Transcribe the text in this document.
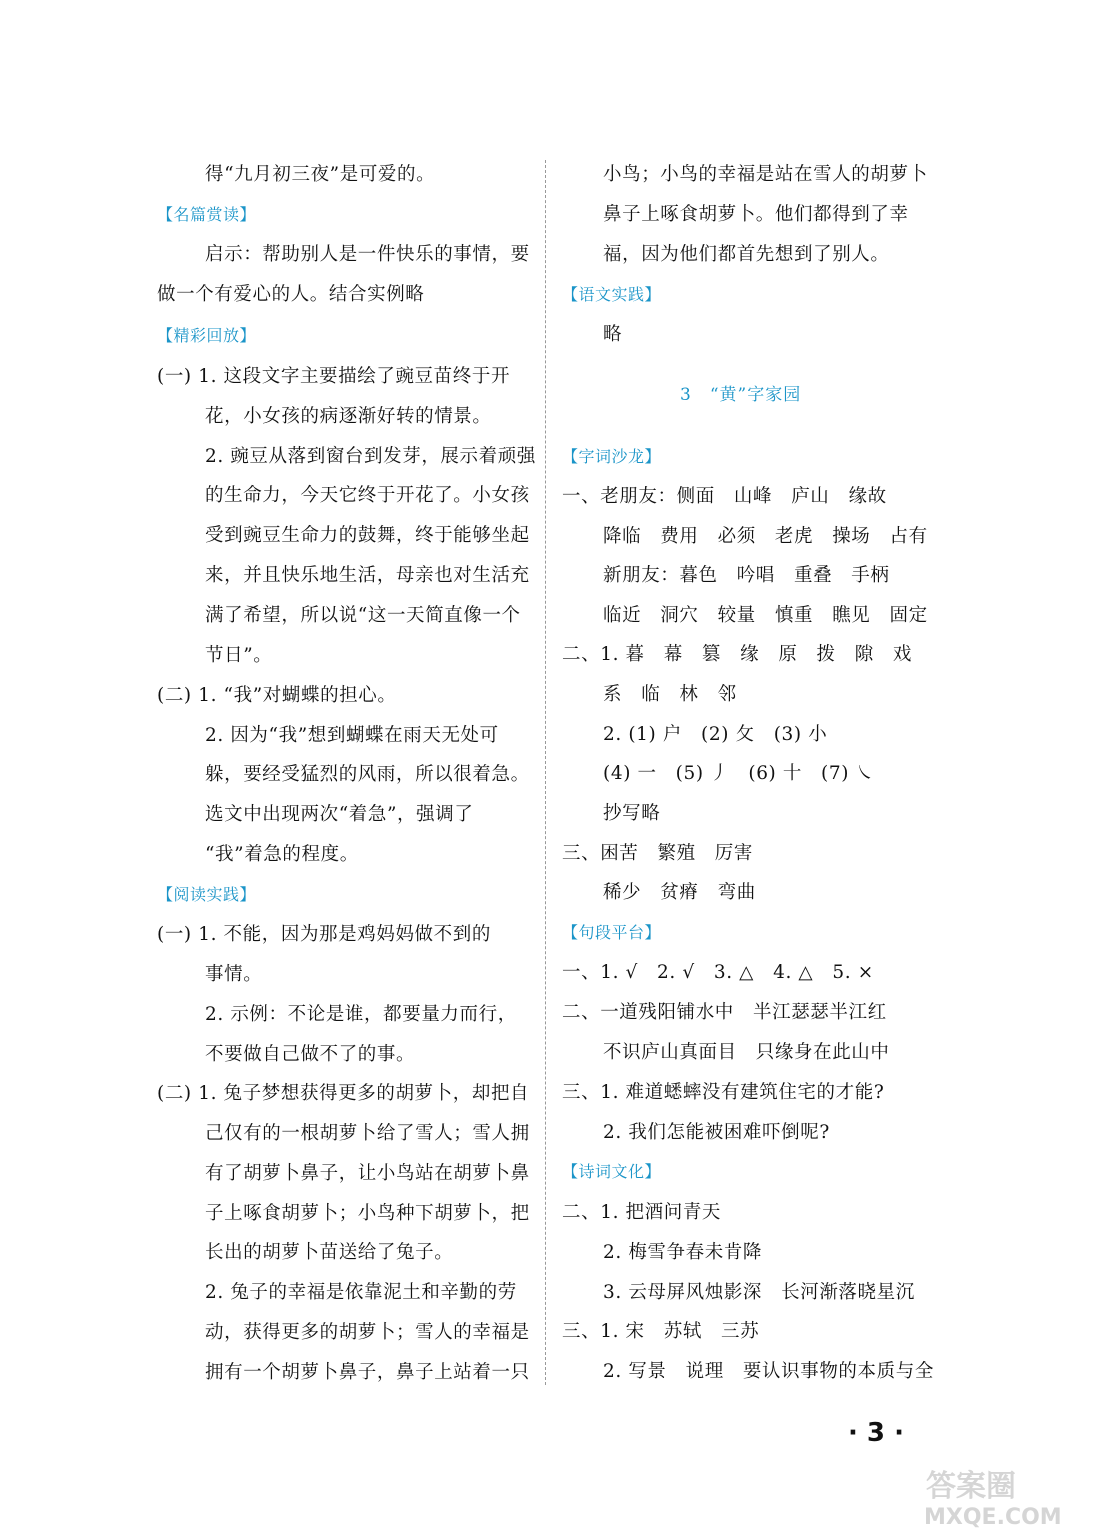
得“九月初三夜”是可爱的。
【名篇赏读】
启示：帮助别人是一件快乐的事情，要
做一个有爱心的人。结合实例略
【精彩回放】
(一) 1. 这段文字主要描绘了豌豆苗终于开
花，小女孩的病逐渐好转的情景。
2. 豌豆从落到窗台到发芽，展示着顽强
的生命力，今天它终于开花了。小女孩
受到豌豆生命力的鼓舞，终于能够坐起
来，并且快乐地生活，母亲也对生活充
满了希望，所以说“这一天简直像一个
节日”。
(二) 1. “我”对蝴蝶的担心。
2. 因为“我”想到蝴蝶在雨天无处可
躲，要经受猛烈的风雨，所以很着急。
选文中出现两次“着急”，强调了
“我”着急的程度。
【阅读实践】
(一) 1. 不能，因为那是鸡妈妈做不到的
事情。
2. 示例：不论是谁，都要量力而行，
不要做自己做不了的事。
(二) 1. 兔子梦想获得更多的胡萝卜，却把自
己仅有的一根胡萝卜给了雪人；雪人拥
有了胡萝卜鼻子，让小鸟站在胡萝卜鼻
子上啄食胡萝卜；小鸟种下胡萝卜，把
长出的胡萝卜苗送给了兔子。
2. 兔子的幸福是依靠泥土和辛勤的劳
动，获得更多的胡萝卜；雪人的幸福是
拥有一个胡萝卜鼻子，鼻子上站着一只
小鸟；小鸟的幸福是站在雪人的胡萝卜
鼻子上啄食胡萝卜。他们都得到了幸
福，因为他们都首先想到了别人。
【语文实践】
略
3　“黄”字家园
【字词沙龙】
一、老朋友：侧面　山峰　庐山　缘故
降临　费用　必须　老虎　操场　占有
新朋友：暮色　吟唱　重叠　手柄
临近　洞穴　较量　慎重　瞧见　固定
二、1. 暮　幕　篡　缘　原　拨　隙　戏
系　临　林　邻
2. (1) 户　(2) 攵　(3) 小
(4) 一　(5) 丿　(6) 十　(7) ㇏
抄写略
三、困苦　繁殖　厉害
稀少　贫瘠　弯曲
【句段平台】
一、1. √　2. √　3. △　4. △　5. ×
二、一道残阳铺水中　半江瑟瑟半江红
不识庐山真面目　只缘身在此山中
三、1. 难道蟋蟀没有建筑住宅的才能?
2. 我们怎能被困难吓倒呢?
【诗词文化】
二、1. 把酒问青天
2. 梅雪争春未肯降
3. 云母屏风烛影深　长河渐落晓星沉
三、1. 宋　苏轼　三苏
2. 写景　说理　要认识事物的本质与全
· 3 ·
答案圈
MXQE.COM
